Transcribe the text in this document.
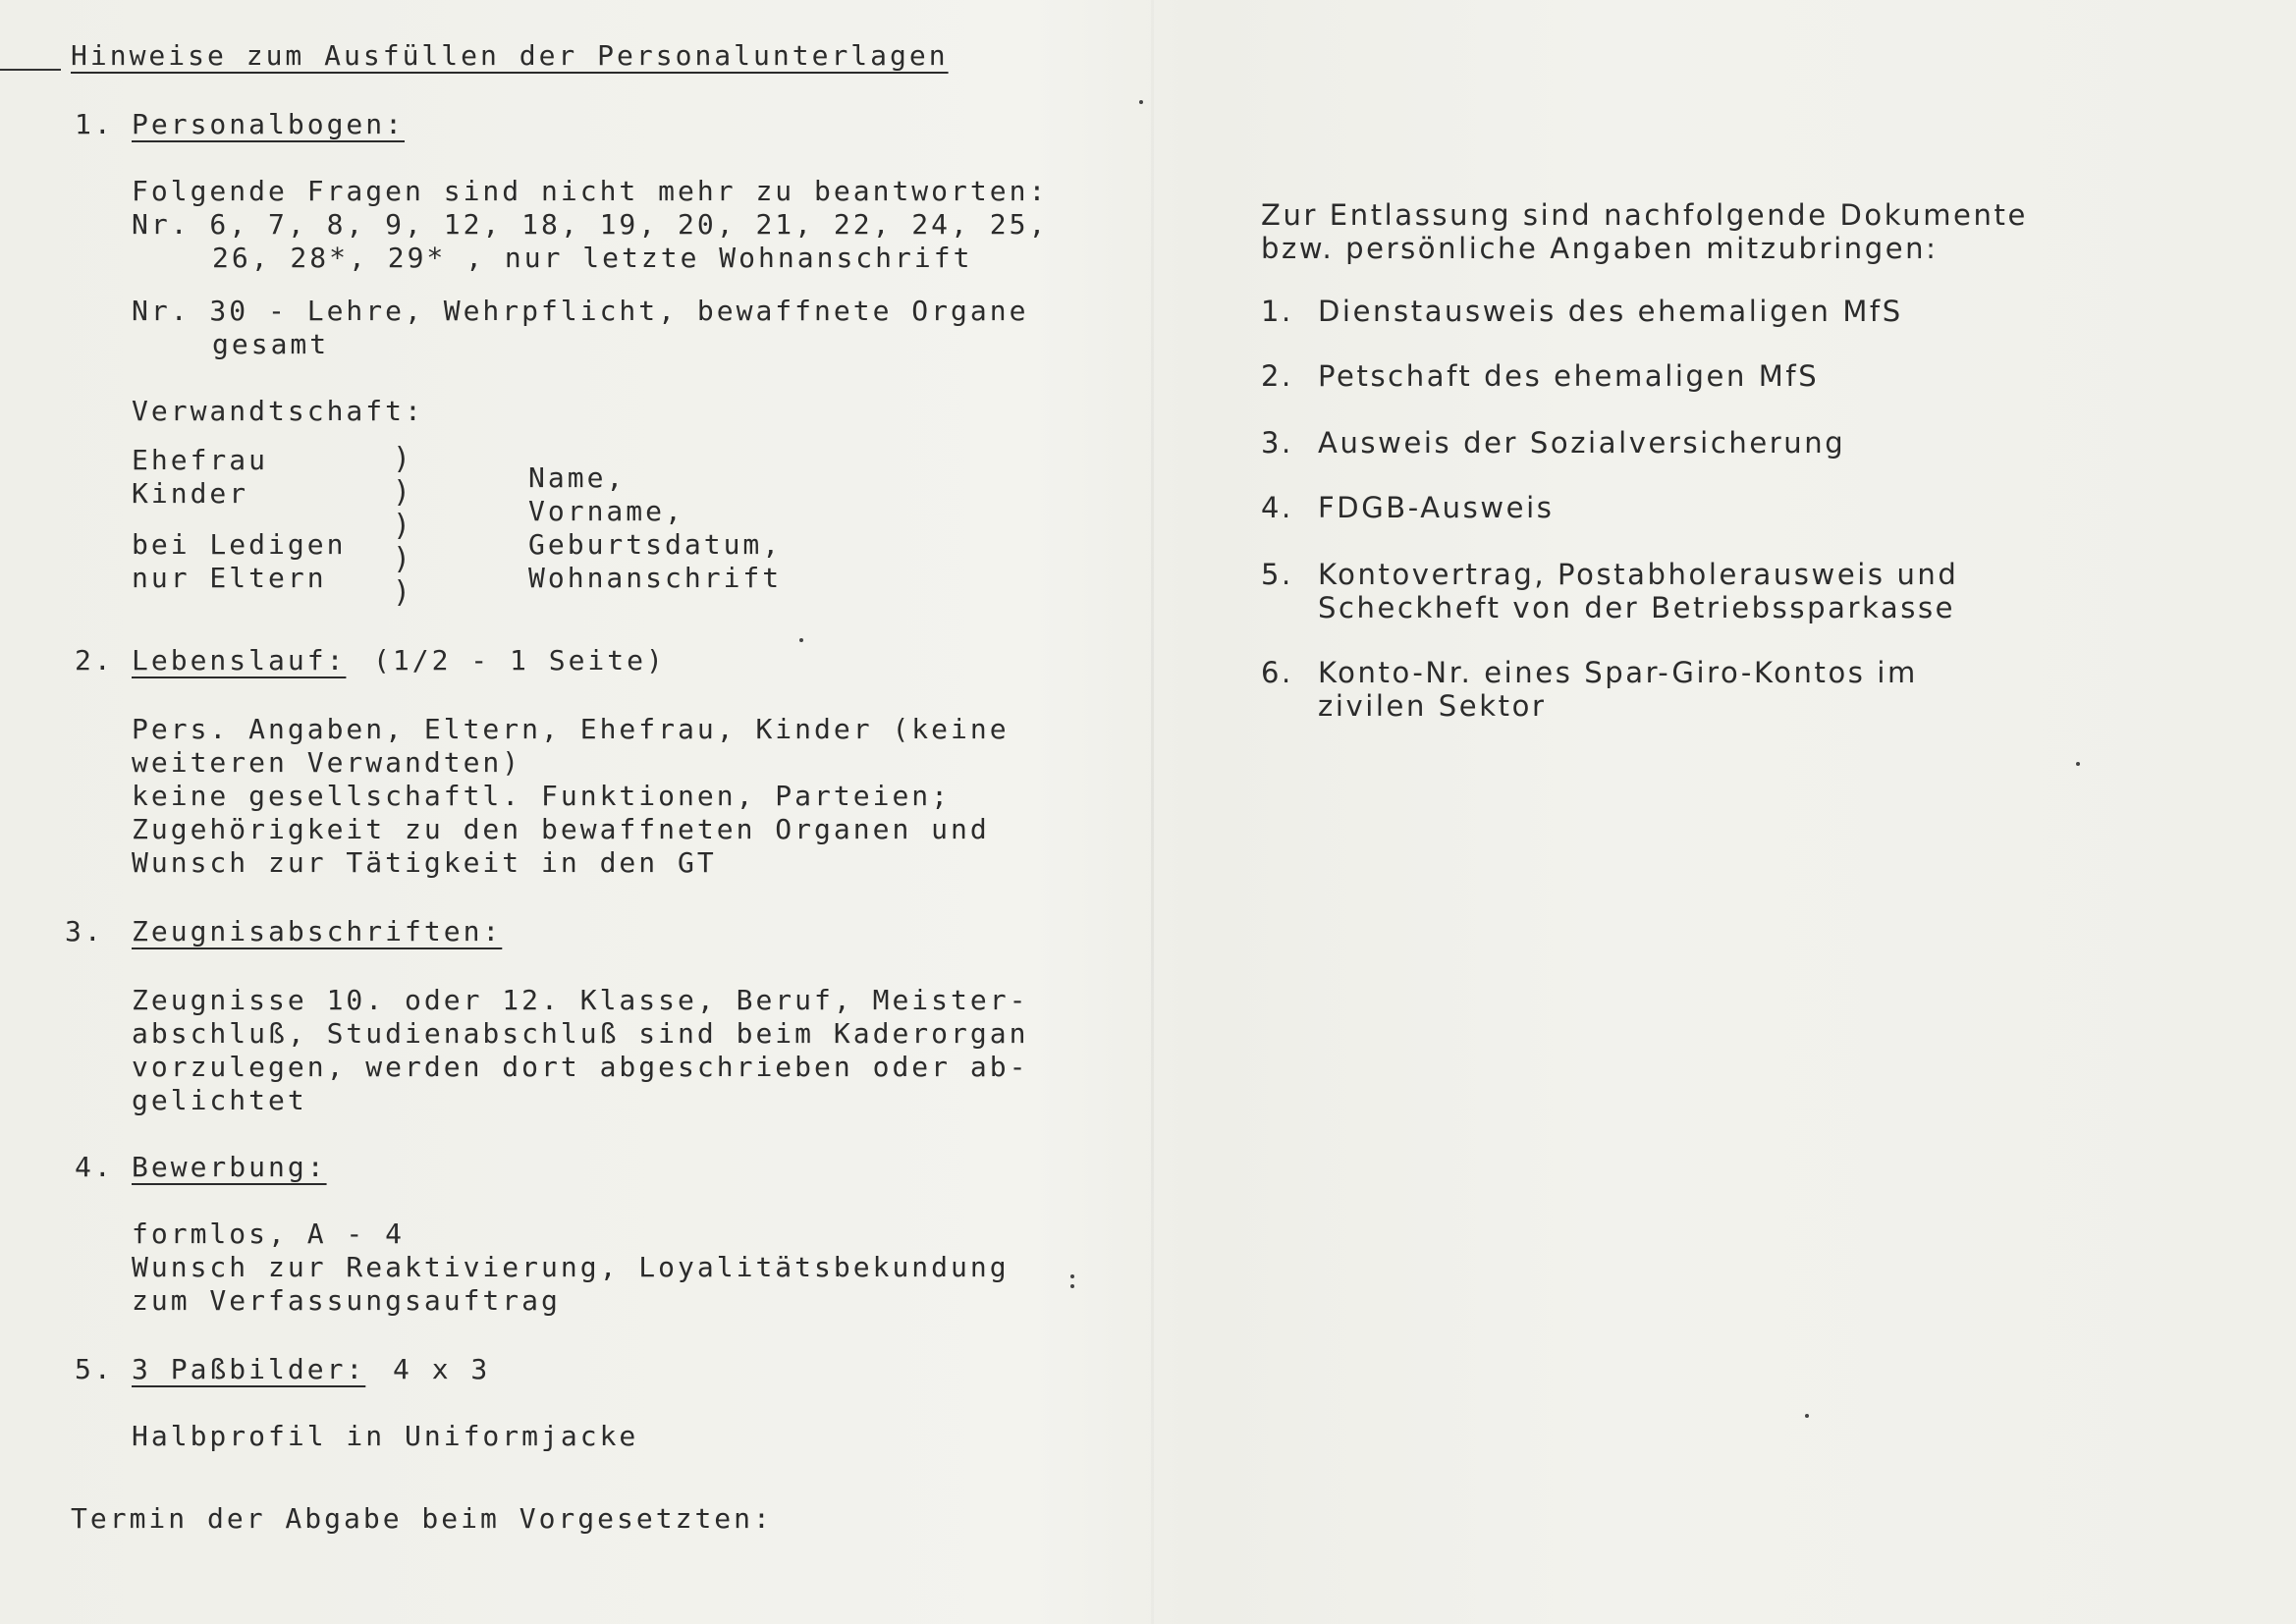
Hinweise zum Ausfüllen der Personalunterlagen
1. Personalbogen:
Folgende Fragen sind nicht mehr zu beantworten:
Nr. 6, 7, 8, 9, 12, 18, 19, 20, 21, 22, 24, 25,
26, 28*, 29* , nur letzte Wohnanschrift
Nr. 30 - Lehre, Wehrpflicht, bewaffnete Organe
gesamt
Verwandtschaft:
Ehefrau
Kinder
bei Ledigen
nur Eltern
)
)
)
)
)
Name,
Vorname,
Geburtsdatum,
Wohnanschrift
2. Lebenslauf: (1/2 - 1 Seite)
Pers. Angaben, Eltern, Ehefrau, Kinder (keine
weiteren Verwandten)
keine gesellschaftl. Funktionen, Parteien;
Zugehörigkeit zu den bewaffneten Organen und
Wunsch zur Tätigkeit in den GT
3. Zeugnisabschriften:
Zeugnisse 10. oder 12. Klasse, Beruf, Meister-
abschluß, Studienabschluß sind beim Kaderorgan
vorzulegen, werden dort abgeschrieben oder ab-
gelichtet
4. Bewerbung:
formlos, A - 4
Wunsch zur Reaktivierung, Loyalitätsbekundung
zum Verfassungsauftrag
5. 3 Paßbilder: 4 x 3
Halbprofil in Uniformjacke
Termin der Abgabe beim Vorgesetzten:
Zur Entlassung sind nachfolgende Dokumente
bzw. persönliche Angaben mitzubringen:
1. Dienstausweis des ehemaligen MfS
2. Petschaft des ehemaligen MfS
3. Ausweis der Sozialversicherung
4. FDGB-Ausweis
5. Kontovertrag, Postabholerausweis und
Scheckheft von der Betriebssparkasse
6. Konto-Nr. eines Spar-Giro-Kontos im
zivilen Sektor
